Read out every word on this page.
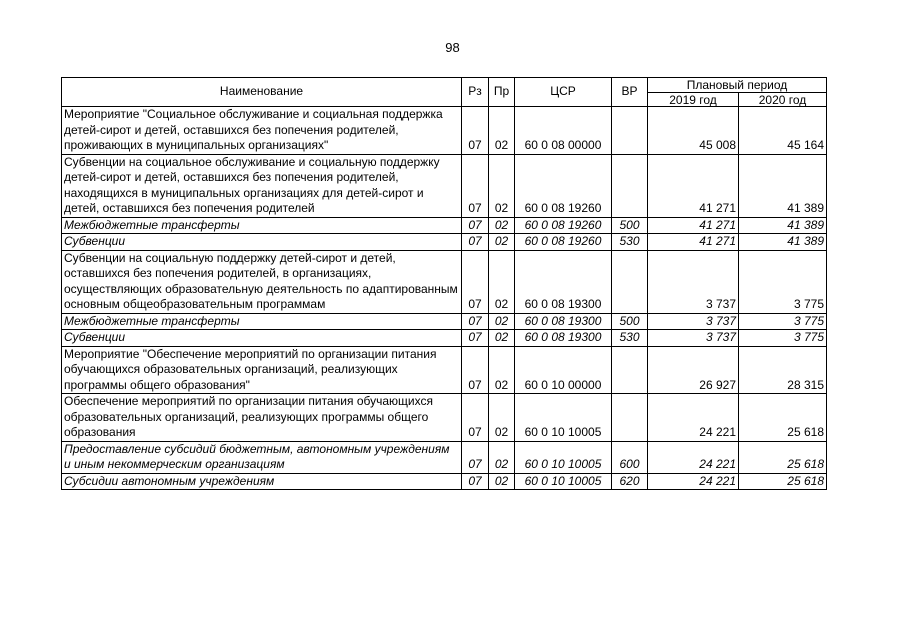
98
Наименование	Рз	Пр	ЦСР	ВР	Плановый период	
					2019 год	2020 год
Мероприятие "Социальное обслуживание и социальная поддержка детей-сирот и детей, оставшихся без попечения родителей, проживающих в муниципальных организациях"	07	02	60 0 08 00000		45 008	45 164
Субвенции на социальное обслуживание и социальную поддержку детей-сирот и детей, оставшихся без попечения родителей, находящихся в муниципальных организациях для детей-сирот и детей, оставшихся без попечения родителей	07	02	60 0 08 19260		41 271	41 389
Межбюджетные трансферты	07	02	60 0 08 19260	500	41 271	41 389
Субвенции	07	02	60 0 08 19260	530	41 271	41 389
Субвенции на социальную поддержку детей-сирот и детей, оставшихся без попечения родителей, в организациях, осуществляющих образовательную деятельность по адаптированным основным общеобразовательным программам	07	02	60 0 08 19300		3 737	3 775
Межбюджетные трансферты	07	02	60 0 08 19300	500	3 737	3 775
Субвенции	07	02	60 0 08 19300	530	3 737	3 775
Мероприятие "Обеспечение мероприятий по организации питания обучающихся образовательных организаций, реализующих программы общего образования"	07	02	60 0 10 00000		26 927	28 315
Обеспечение мероприятий по организации питания обучающихся образовательных организаций, реализующих программы общего образования	07	02	60 0 10 10005		24 221	25 618
Предоставление субсидий бюджетным, автономным учреждениям и иным некоммерческим организациям	07	02	60 0 10 10005	600	24 221	25 618
Субсидии автономным учреждениям	07	02	60 0 10 10005	620	24 221	25 618
